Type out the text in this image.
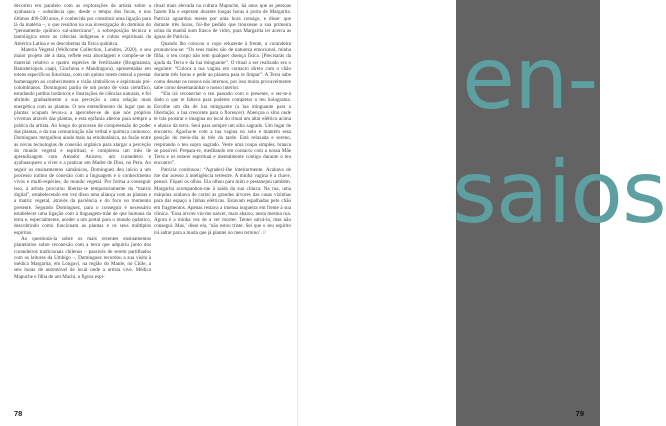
decorreu em paralelo com as explorações da artista sobre a ayahuasca – substância que, desde o tempo dos Incas, e nos últimos 400-500 anos, é conhecida por constituir uma ligação para lá da matéria –, o que resultou na sua investigação do domínio do “pensamento químico sul-americano”, a sobreposição técnica e tautológica entre as ciências indígenas e cultos espirituais da América Latina e os descobertas da física quântica.

Materia Vegetal (Wellcome Collection, Londres, 2020), o seu maior projeto até à data, reflete esta abordagem e compõe-se de material relativo a quatro espécies de fertilizante (Brugmansia, Banisteriopsis caapi, Cinchona e Mandragora), apresentadas em totens específicos futuristas, com um quinto totem central a prestar homenagem ao conhecimento e visão simbólicos e espirituais pré-colombianos. Dominguez partiu de um ponto de vista científico, estudando jardins botânicos e ilustrações de ciências naturais, e foi abrindo gradualmente a sua perceção a uma relação mais energética com as plantas. O seu entendimento do lugar que as plantas ocupam levou-a a aperceber-se de que nós próprios vivemos através das plantas, e esta epifania alterou para sempre a prática da artista. Ao longo do processo de compreensão do poder das plantas, e da sua comunicação não verbal e química connosco, Dominguez mergulhou ainda mais na etnobotânica, na fusão entre as novas tecnologias de conexão orgânica para alargar a perceção do mundo vegetal e espiritual, e completou um mês de aprendizagem com Amador Aniceto, um curandeiro e ayahuasquero a viver e a praticar em Madre de Dios, no Peru. Ao seguir os ensinamentos xamânicos, Dominguez deu início a um processo íntimo de conexão com a linguagem e o conhecimento vivos e multi-espécies, do mundo vegetal. Por forma a conseguir isso, a artista procurou libertar-se temporariamente da “matriz digital”, estabelecendo em vez disso uma aliança com as plantas e a matriz vegetal, através da paciência e do foco no momento presente. Segundo Dominguez, para o conseguir é necessário estabelecer uma ligação com a linguagem-mãe de que humana da terra e, especialmente, aceder a um portal para o mundo quântico, descobrindo como funcionam as plantas e os seus múltiplos espíritos.

Ao questioná-la sobre os mais recentes ensinamentos planetários sobre reconexão com a terra que adquiriu junto dos curandeiros tradicionais chilenos – passivés de serem partilhados com os leitores da Umbigo –, Dominguez recordou a sua visita à médica Margarita, em Longaví, na região do Maule, no Chile, a seis horas de automóvel de local onde a artista vive. Médica Mapuche e filha de um Machi, a figura espi-

ritual mais elevada na cultura Mapuche, há anos que as pessoas fazem fila e esperam durante longas horas à porta de Margarita. Patricia aguardou meses por uma hora consigo, e disse: que durante três horas, foi-lhe pedido que trouxesse a sua primeira urina da manhã num frasco de vidro, para Margarita ler acerca as águas de Patricia.

Quando lho colocou o copo reluzente à frente, a curandeira pronunciou-se: “Os teus males são de natureza emocional, minha filha, o teu corpo não tem qualquer doença física. [Precisarás da ajuda da Terra e da lua minguante”. O ritual a ser realizado era o seguinte: “Coloca a tua vagina em contacto direto com o chão durante três horas e pede ao planeta para te limpar”. A Terra sabe como desatar os nossos nós internos, por isso muito provavelmente sabe como desemaranhar o nosso interior.

“Ela irá reconectar o teu passado com o presente, e ser-te-á dado o que te faltava para poderes completar o teu holograma. Escolhe um dia de lua minguante (a lua minguante para a libertação, a lua crescente para o florescer). Abençoa o sítio onde te irás prostrar e imagina no local do ritual um altar elétrico acima e abaixo da terra. Será para sempre um sítio sagrado. Um lugar de encontro. Agacha-te com a tua vagina no solo e mantém essa posição do meio-dia às três da tarde. Está relaxada e sereno, respirando o teu sopro sagrado. Veste uma roupa simples, branca se possível. Prepara-te, meditando em contacto com a nossa Mãe Terra e os estarei espiritual e mentalmente contigo durante o teu encontro”.

Patrícia continuou: “Agradeci-lhe interiormente. Acabava de me dar acesso à inteligência terrestre. A minha vagina é a chave, pensei. Fiquei os olhos. Ela olhou para mim e pestanejou também. Margarita acompanhou-me à saída da sua clínica. Na rua, uma máquina acabava de cortar as grandes árvores das casas vizinhas para dar espaço a linhas elétricas. Estavam espalhadas pelo chão em fragmentos. Apenas restava a imensa nogueira em frente à sua clínica. ‘Essa árvore viu-me nascer, mais abaixo, nesta mesma rua. Agora é a minha vez de a ver morrer. Tentei salvá-la, mas não consegui. Mas,’ disse ela, ‘não estou triste. Sei que o seu espírito irá saltar para a muda que já plantei no meu terreno’. //

78
en-
saios
79
